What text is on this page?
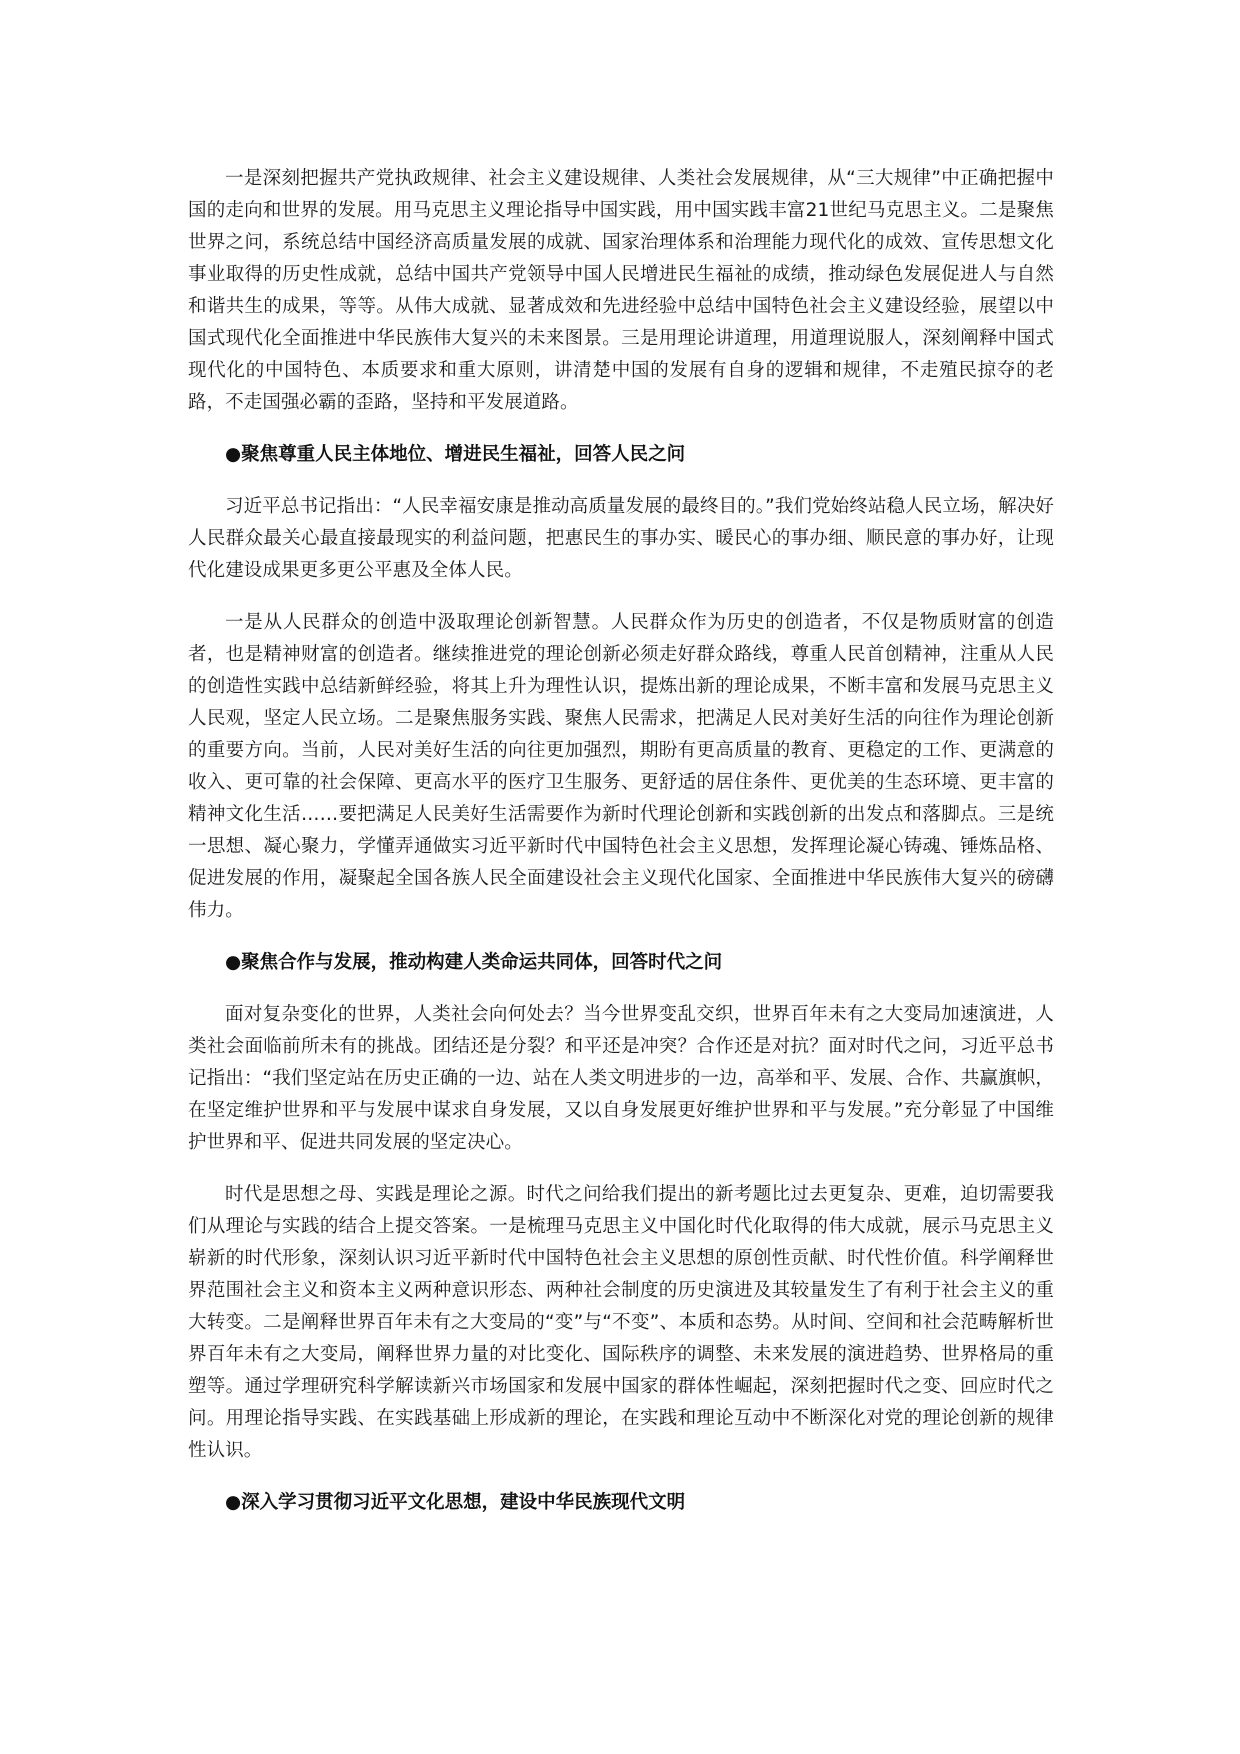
一是深刻把握共产党执政规律、社会主义建设规律、人类社会发展规律，从“三大规律”中正确把握中国的走向和世界的发展。用马克思主义理论指导中国实践，用中国实践丰富21世纪马克思主义。二是聚焦世界之问，系统总结中国经济高质量发展的成就、国家治理体系和治理能力现代化的成效、宣传思想文化事业取得的历史性成就，总结中国共产党领导中国人民增进民生福祉的成绩，推动绿色发展促进人与自然和谐共生的成果，等等。从伟大成就、显著成效和先进经验中总结中国特色社会主义建设经验，展望以中国式现代化全面推进中华民族伟大复兴的未来图景。三是用理论讲道理，用道理说服人，深刻阐释中国式现代化的中国特色、本质要求和重大原则，讲清楚中国的发展有自身的逻辑和规律，不走殖民掠夺的老路，不走国强必霸的歪路，坚持和平发展道路。

●聚焦尊重人民主体地位、增进民生福祉，回答人民之问

习近平总书记指出：“人民幸福安康是推动高质量发展的最终目的。”我们党始终站稳人民立场，解决好人民群众最关心最直接最现实的利益问题，把惠民生的事办实、暖民心的事办细、顺民意的事办好，让现代化建设成果更多更公平惠及全体人民。

一是从人民群众的创造中汲取理论创新智慧。人民群众作为历史的创造者，不仅是物质财富的创造者，也是精神财富的创造者。继续推进党的理论创新必须走好群众路线，尊重人民首创精神，注重从人民的创造性实践中总结新鲜经验，将其上升为理性认识，提炼出新的理论成果，不断丰富和发展马克思主义人民观，坚定人民立场。二是聚焦服务实践、聚焦人民需求，把满足人民对美好生活的向往作为理论创新的重要方向。当前，人民对美好生活的向往更加强烈，期盼有更高质量的教育、更稳定的工作、更满意的收入、更可靠的社会保障、更高水平的医疗卫生服务、更舒适的居住条件、更优美的生态环境、更丰富的精神文化生活……要把满足人民美好生活需要作为新时代理论创新和实践创新的出发点和落脚点。三是统一思想、凝心聚力，学懂弄通做实习近平新时代中国特色社会主义思想，发挥理论凝心铸魂、锤炼品格、促进发展的作用，凝聚起全国各族人民全面建设社会主义现代化国家、全面推进中华民族伟大复兴的磅礴伟力。

●聚焦合作与发展，推动构建人类命运共同体，回答时代之问

面对复杂变化的世界，人类社会向何处去？当今世界变乱交织，世界百年未有之大变局加速演进，人类社会面临前所未有的挑战。团结还是分裂？和平还是冲突？合作还是对抗？面对时代之问，习近平总书记指出：“我们坚定站在历史正确的一边、站在人类文明进步的一边，高举和平、发展、合作、共赢旗帜，在坚定维护世界和平与发展中谋求自身发展，又以自身发展更好维护世界和平与发展。”充分彰显了中国维护世界和平、促进共同发展的坚定决心。

时代是思想之母、实践是理论之源。时代之问给我们提出的新考题比过去更复杂、更难，迫切需要我们从理论与实践的结合上提交答案。一是梳理马克思主义中国化时代化取得的伟大成就，展示马克思主义崭新的时代形象，深刻认识习近平新时代中国特色社会主义思想的原创性贡献、时代性价值。科学阐释世界范围社会主义和资本主义两种意识形态、两种社会制度的历史演进及其较量发生了有利于社会主义的重大转变。二是阐释世界百年未有之大变局的“变”与“不变”、本质和态势。从时间、空间和社会范畴解析世界百年未有之大变局，阐释世界力量的对比变化、国际秩序的调整、未来发展的演进趋势、世界格局的重塑等。通过学理研究科学解读新兴市场国家和发展中国家的群体性崛起，深刻把握时代之变、回应时代之问。用理论指导实践、在实践基础上形成新的理论，在实践和理论互动中不断深化对党的理论创新的规律性认识。

●深入学习贯彻习近平文化思想，建设中华民族现代文明
